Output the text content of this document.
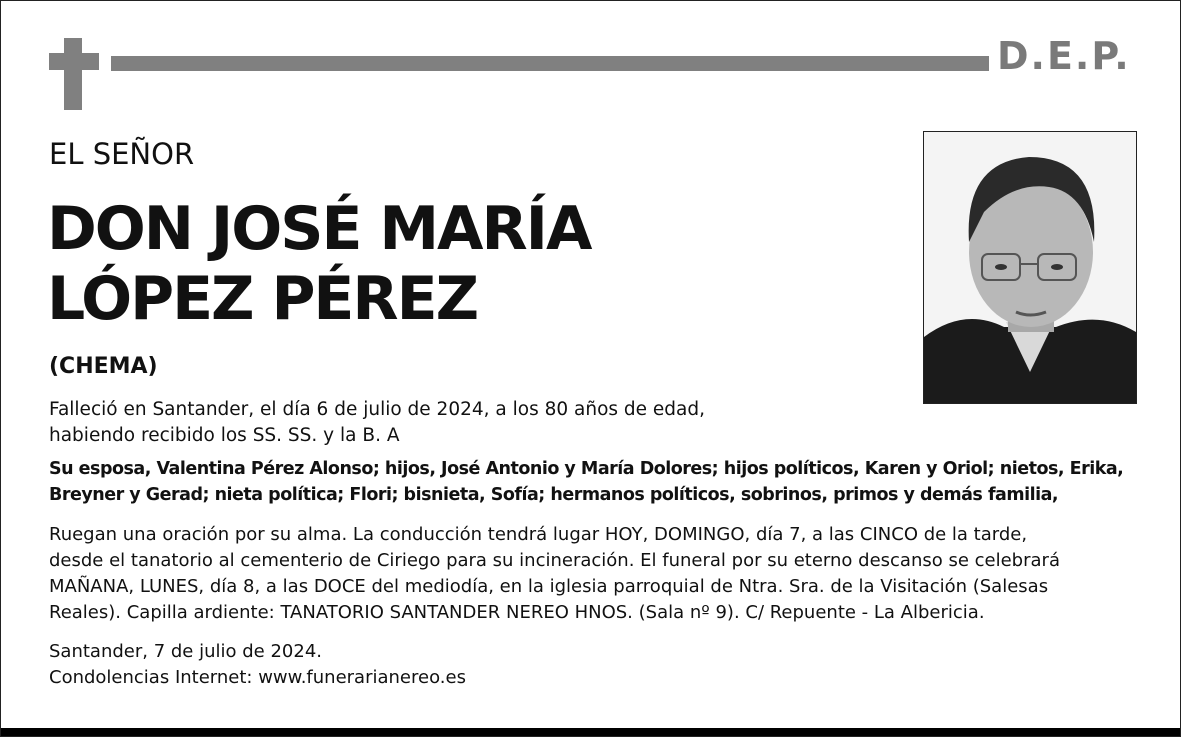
D.E.P.
EL SEÑOR
DON JOSÉ MARÍA
LÓPEZ PÉREZ
(CHEMA)
Falleció en Santander, el día 6 de julio de 2024, a los 80 años de edad,
habiendo recibido los SS. SS. y la B. A
Su esposa, Valentina Pérez Alonso; hijos, José Antonio y María Dolores; hijos políticos, Karen y Oriol; nietos, Erika,
Breyner y Gerad; nieta política; Flori; bisnieta, Sofía; hermanos políticos, sobrinos, primos y demás familia,
Ruegan una oración por su alma. La conducción tendrá lugar HOY, DOMINGO, día 7, a las CINCO de la tarde,
desde el tanatorio al cementerio de Ciriego para su incineración. El funeral por su eterno descanso se celebrará
MAÑANA, LUNES, día 8, a las DOCE del mediodía, en la iglesia parroquial de Ntra. Sra. de la Visitación (Salesas
Reales). Capilla ardiente: TANATORIO SANTANDER NEREO HNOS. (Sala nº 9). C/ Repuente - La Albericia.
Santander, 7 de julio de 2024.
Condolencias Internet: www.funerarianereo.es
